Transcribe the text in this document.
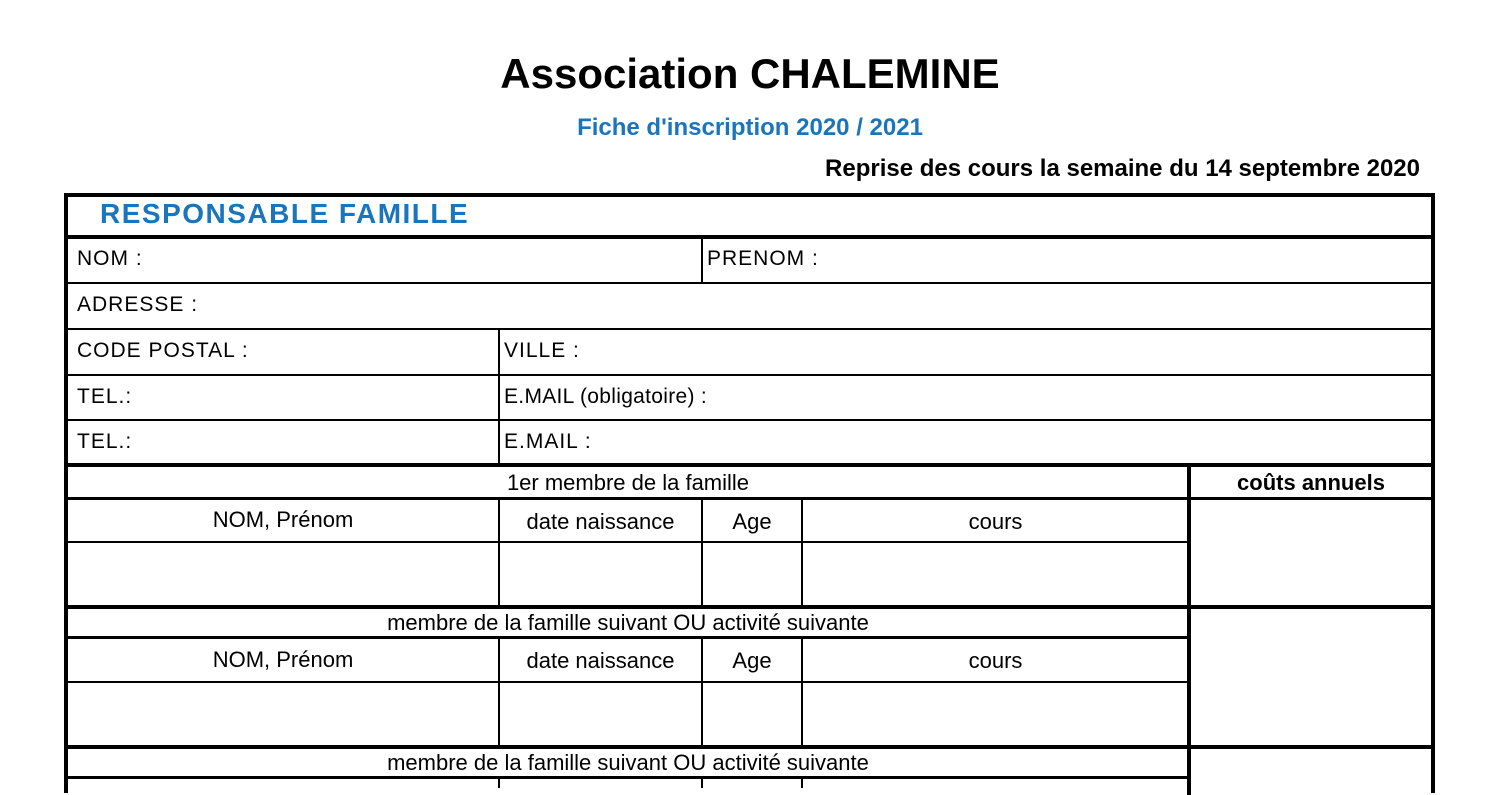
Association CHALEMINE
Fiche d'inscription 2020 / 2021
Reprise des cours la semaine du 14 septembre 2020
RESPONSABLE FAMILLE
NOM :	PRENOM :
ADRESSE :
CODE POSTAL :	VILLE :
TEL.:	E.MAIL (obligatoire) :
TEL.:	E.MAIL :
1er membre de la famille	coûts annuels
NOM, Prénom	date naissance	Age	cours
membre de la famille suivant OU activité suivante
NOM, Prénom	date naissance	Age	cours
membre de la famille suivant OU activité suivante
